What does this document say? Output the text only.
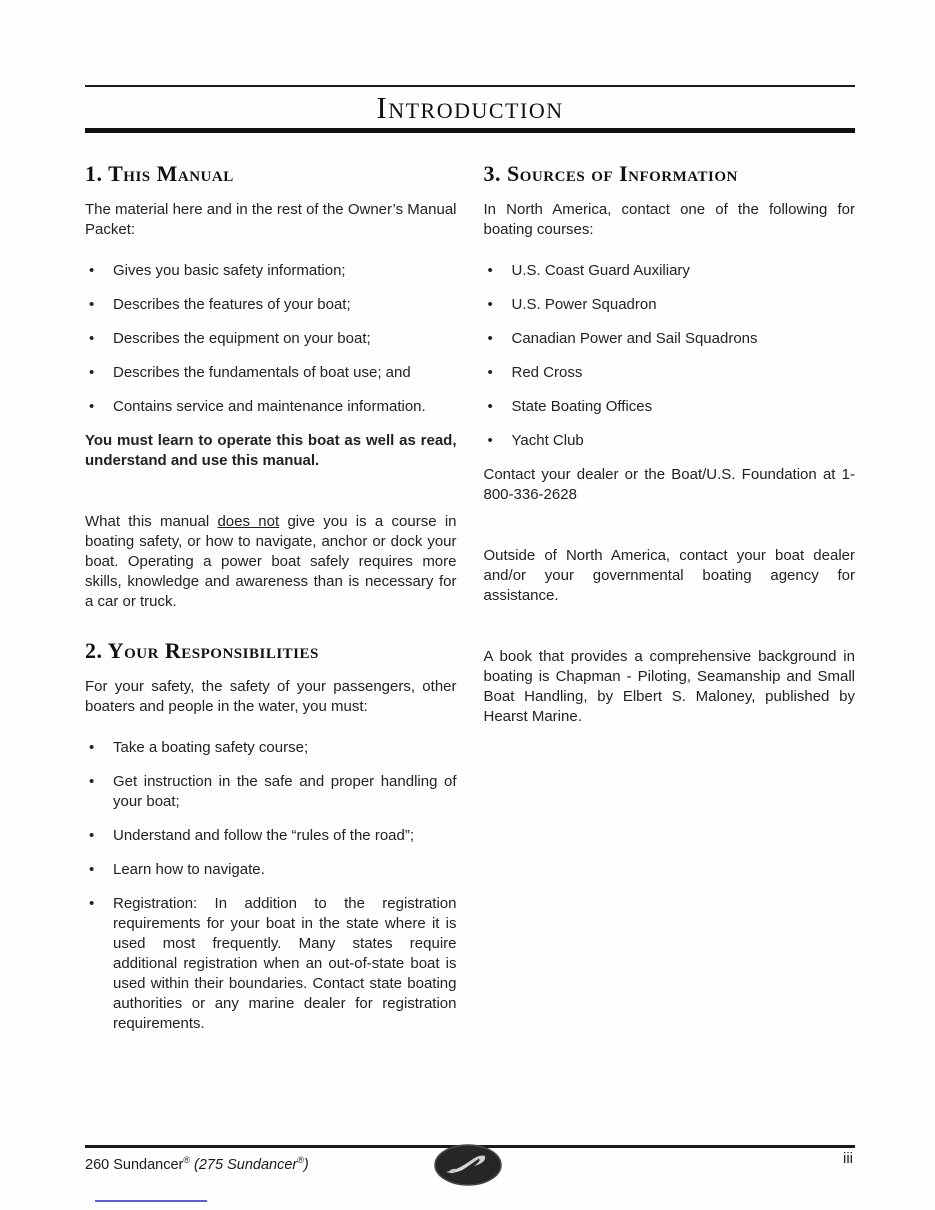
Introduction
1. This Manual

The material here and in the rest of the Owner’s Manual Packet:

• Gives you basic safety information;
• Describes the features of your boat;
• Describes the equipment on your boat;
• Describes the fundamentals of boat use; and
• Contains service and maintenance information.

You must learn to operate this boat as well as read, understand and use this manual.

What this manual does not give you is a course in boating safety, or how to navigate, anchor or dock your boat. Operating a power boat safely requires more skills, knowledge and awareness than is necessary for a car or truck.

2. Your Responsibilities

For your safety, the safety of your passengers, other boaters and people in the water, you must:

• Take a boating safety course;
• Get instruction in the safe and proper handling of your boat;
• Understand and follow the “rules of the road”;
• Learn how to navigate.
• Registration: In addition to the registration requirements for your boat in the state where it is used most frequently. Many states require additional registration when an out-of-state boat is used within their boundaries. Contact state boating authorities or any marine dealer for registration requirements.
3. Sources of Information

In North America, contact one of the following for boating courses:

• U.S. Coast Guard Auxiliary
• U.S. Power Squadron
• Canadian Power and Sail Squadrons
• Red Cross
• State Boating Offices
• Yacht Club

Contact your dealer or the Boat/U.S. Foundation at 1-800-336-2628

Outside of North America, contact your boat dealer and/or your governmental boating agency for assistance.

A book that provides a comprehensive background in boating is Chapman - Piloting, Seamanship and Small Boat Handling, by Elbert S. Maloney, published by Hearst Marine.

260 Sundancer® (275 Sundancer®)	iii
